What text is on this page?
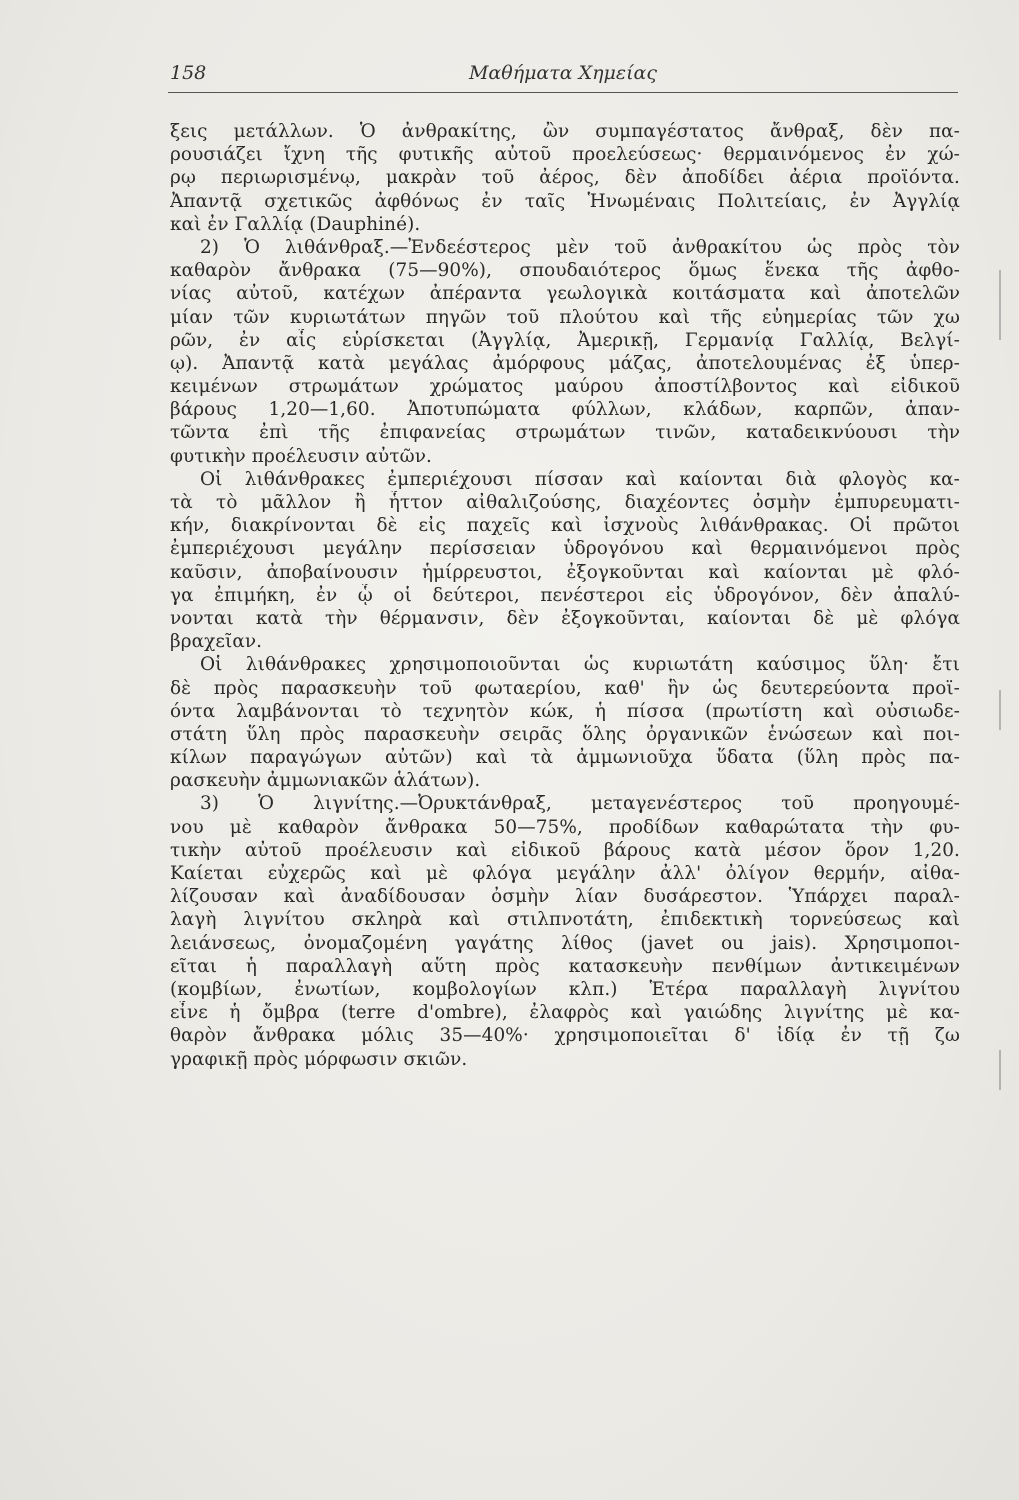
158	Μαθήματα Χημείας
ξεις μετάλλων. Ὁ ἀνθρακίτης, ὢν συμπαγέστατος ἄνθραξ, δὲν πα-
ρουσιάζει ἴχνη τῆς φυτικῆς αὐτοῦ προελεύσεως· θερμαινόμενος ἐν χώ-
ρῳ περιωρισμένῳ, μακρὰν τοῦ ἀέρος, δὲν ἀποδίδει ἀέρια προϊόντα.
Ἀπαντᾷ σχετικῶς ἀφθόνως ἐν ταῖς Ἡνωμέναις Πολιτείαις, ἐν Ἀγγλίᾳ
καὶ ἐν Γαλλίᾳ (Dauphiné).
2) Ὁ λιθάνθραξ.—Ἐνδεέστερος μὲν τοῦ ἀνθρακίτου ὡς πρὸς τὸν
καθαρὸν ἄνθρακα (75—90%), σπουδαιότερος ὅμως ἕνεκα τῆς ἀφθο-
νίας αὐτοῦ, κατέχων ἀπέραντα γεωλογικὰ κοιτάσματα καὶ ἀποτελῶν
μίαν τῶν κυριωτάτων πηγῶν τοῦ πλούτου καὶ τῆς εὐημερίας τῶν χω
ρῶν, ἐν αἷς εὑρίσκεται (Ἀγγλίᾳ, Ἀμερικῇ, Γερμανίᾳ Γαλλίᾳ, Βελγί-
ῳ). Ἀπαντᾷ κατὰ μεγάλας ἀμόρφους μάζας, ἀποτελουμένας ἐξ ὑπερ-
κειμένων στρωμάτων χρώματος μαύρου ἀποστίλβοντος καὶ εἰδικοῦ
βάρους 1,20—1,60. Ἀποτυπώματα φύλλων, κλάδων, καρπῶν, ἀπαν-
τῶντα ἐπὶ τῆς ἐπιφανείας στρωμάτων τινῶν, καταδεικνύουσι τὴν
φυτικὴν προέλευσιν αὐτῶν.
Οἱ λιθάνθρακες ἐμπεριέχουσι πίσσαν καὶ καίονται διὰ φλογὸς κα-
τὰ τὸ μᾶλλον ἢ ἧττον αἰθαλιζούσης, διαχέοντες ὀσμὴν ἐμπυρευματι-
κήν, διακρίνονται δὲ εἰς παχεῖς καὶ ἰσχνοὺς λιθάνθρακας. Οἱ πρῶτοι
ἐμπεριέχουσι μεγάλην περίσσειαν ὑδρογόνου καὶ θερμαινόμενοι πρὸς
καῦσιν, ἀποβαίνουσιν ἡμίρρευστοι, ἐξογκοῦνται καὶ καίονται μὲ φλό-
γα ἐπιμήκη, ἐν ᾧ οἱ δεύτεροι, πενέστεροι εἰς ὑδρογόνον, δὲν ἀπαλύ-
νονται κατὰ τὴν θέρμανσιν, δὲν ἐξογκοῦνται, καίονται δὲ μὲ φλόγα
βραχεῖαν.
Οἱ λιθάνθρακες χρησιμοποιοῦνται ὡς κυριωτάτη καύσιμος ὕλη· ἔτι
δὲ πρὸς παρασκευὴν τοῦ φωταερίου, καθ' ἣν ὡς δευτερεύοντα προϊ-
όντα λαμβάνονται τὸ τεχνητὸν κώκ, ἡ πίσσα (πρωτίστη καὶ οὐσιωδε-
στάτη ὕλη πρὸς παρασκευὴν σειρᾶς ὅλης ὀργανικῶν ἑνώσεων καὶ ποι-
κίλων παραγώγων αὐτῶν) καὶ τὰ ἀμμωνιοῦχα ὕδατα (ὕλη πρὸς πα-
ρασκευὴν ἀμμωνιακῶν ἁλάτων).
3) Ὁ λιγνίτης.—Ὀρυκτάνθραξ, μεταγενέστερος τοῦ προηγουμέ-
νου μὲ καθαρὸν ἄνθρακα 50—75%, προδίδων καθαρώτατα τὴν φυ-
τικὴν αὐτοῦ προέλευσιν καὶ εἰδικοῦ βάρους κατὰ μέσον ὅρον 1,20.
Καίεται εὐχερῶς καὶ μὲ φλόγα μεγάλην ἀλλ' ὀλίγον θερμήν, αἰθα-
λίζουσαν καὶ ἀναδίδουσαν ὀσμὴν λίαν δυσάρεστον. Ὑπάρχει παραλ-
λαγὴ λιγνίτου σκληρὰ καὶ στιλπνοτάτη, ἐπιδεκτικὴ τορνεύσεως καὶ
λειάνσεως, ὀνομαζομένη γαγάτης λίθος (javet ou jais). Χρησιμοποι-
εῖται ἡ παραλλαγὴ αὕτη πρὸς κατασκευὴν πενθίμων ἀντικειμένων
(κομβίων, ἐνωτίων, κομβολογίων κλπ.) Ἑτέρα παραλλαγὴ λιγνίτου
εἶνε ἡ ὄμβρα (terre d'ombre), ἐλαφρὸς καὶ γαιώδης λιγνίτης μὲ κα-
θαρὸν ἄνθρακα μόλις 35—40%· χρησιμοποιεῖται δ' ἰδίᾳ ἐν τῇ ζω
γραφικῇ πρὸς μόρφωσιν σκιῶν.
